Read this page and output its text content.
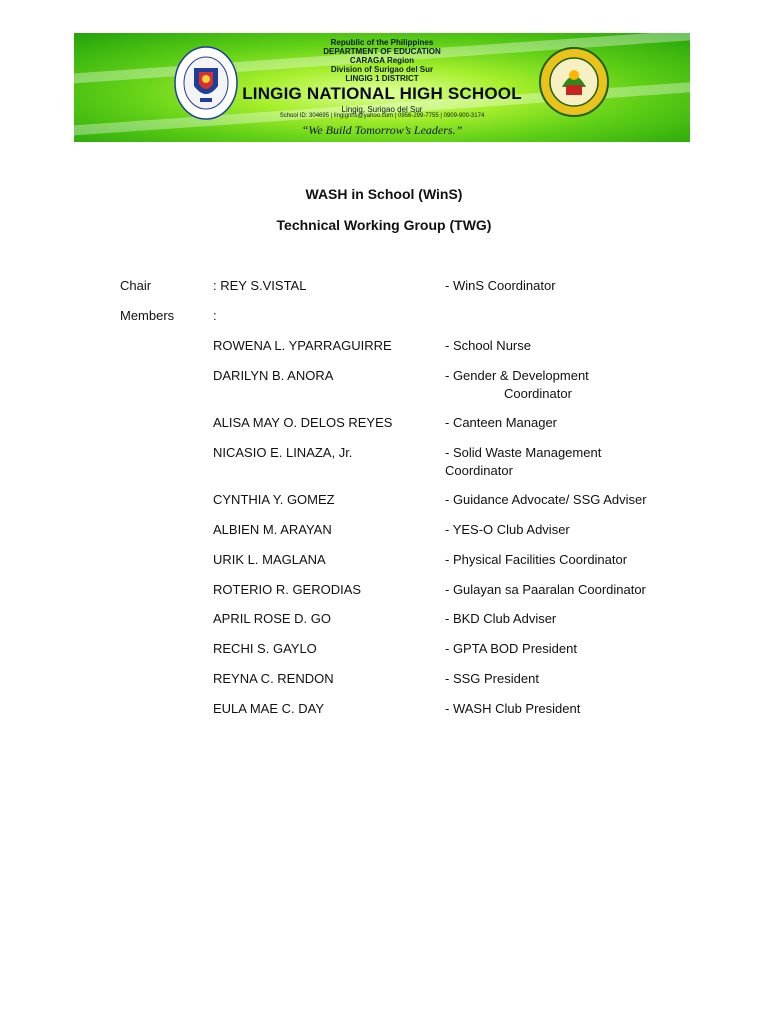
Republic of the Philippines
DEPARTMENT OF EDUCATION
CARAGA Region
Division of Surigao del Sur
LINGIG 1 DISTRICT
LINGIG NATIONAL HIGH SCHOOL
Lingig, Surigao del Sur
School ID: 304695 | lingignhs@yahoo.com | 0956-299-7755 | 0909-900-3174
“We Build Tomorrow’s Leaders.”
WASH in School (WinS)
Technical Working Group (TWG)
Chair	: REY S.VISTAL	- WinS Coordinator
Members	:
ROWENA L. YPARRAGUIRRE	- School Nurse
DARILYN B. ANORA	- Gender & Development
Coordinator
ALISA MAY O. DELOS REYES	- Canteen Manager
NICASIO E. LINAZA, Jr.	- Solid Waste Management
Coordinator
CYNTHIA Y. GOMEZ	- Guidance Advocate/ SSG Adviser
ALBIEN M. ARAYAN	- YES-O Club Adviser
URIK L. MAGLANA	- Physical Facilities Coordinator
ROTERIO R. GERODIAS	- Gulayan sa Paaralan Coordinator
APRIL ROSE D. GO	- BKD Club Adviser
RECHI S. GAYLO	- GPTA BOD President
REYNA C. RENDON	- SSG President
EULA MAE C. DAY	- WASH Club President
